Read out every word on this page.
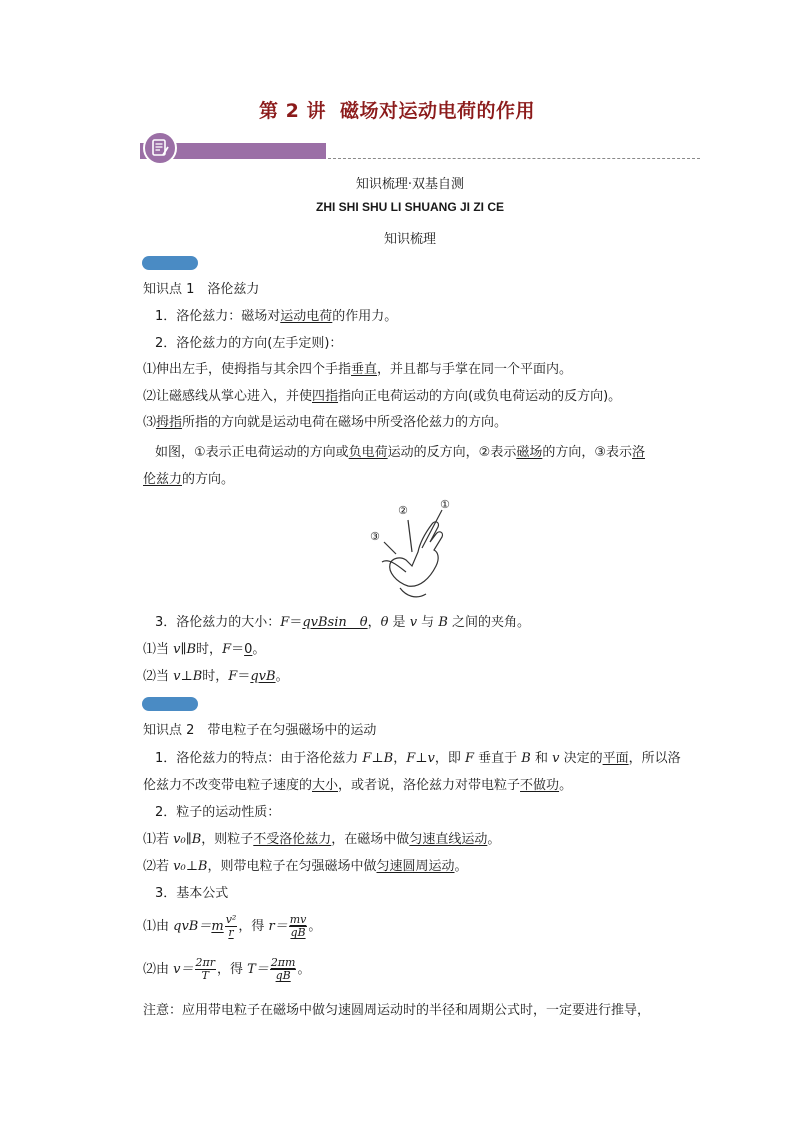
第 2 讲 磁场对运动电荷的作用
知识梳理·双基自测
ZHI SHI SHU LI SHUANG JI ZI CE
知识梳理
知识点 1　洛伦兹力
1．洛伦兹力：磁场对运动电荷的作用力。
2．洛伦兹力的方向(左手定则)：
⑴伸出左手，使拇指与其余四个手指垂直，并且都与手掌在同一个平面内。
⑵让磁感线从掌心进入，并使四指指向正电荷运动的方向(或负电荷运动的反方向)。
⑶拇指所指的方向就是运动电荷在磁场中所受洛伦兹力的方向。
如图，①表示正电荷运动的方向或负电荷运动的反方向，②表示磁场的方向，③表示洛
伦兹力的方向。
②	①
③
3．洛伦兹力的大小：F＝qvBsin　θ，θ 是 v 与 B 之间的夹角。
⑴当 v∥B时，F＝0。
⑵当 v⊥B时，F＝qvB。
知识点 2　带电粒子在匀强磁场中的运动
1．洛伦兹力的特点：由于洛伦兹力 F⊥B，F⊥v，即 F 垂直于 B 和 v 决定的平面，所以洛
伦兹力不改变带电粒子速度的大小，或者说，洛伦兹力对带电粒子不做功。
2．粒子的运动性质：
⑴若 v₀∥B，则粒子不受洛伦兹力，在磁场中做匀速直线运动。
⑵若 v₀⊥B，则带电粒子在匀强磁场中做匀速圆周运动。
3．基本公式
⑴由 $qvB=m \frac{\text{v²}}{r}$ ，得 $r= \frac{mv}{qB}$ 。
⑵由 $v= \frac{2\pi r}{T}$ ，得 $T= \frac{2\pi m}{qB}$ 。
注意：应用带电粒子在磁场中做匀速圆周运动时的半径和周期公式时，一定要进行推导，
